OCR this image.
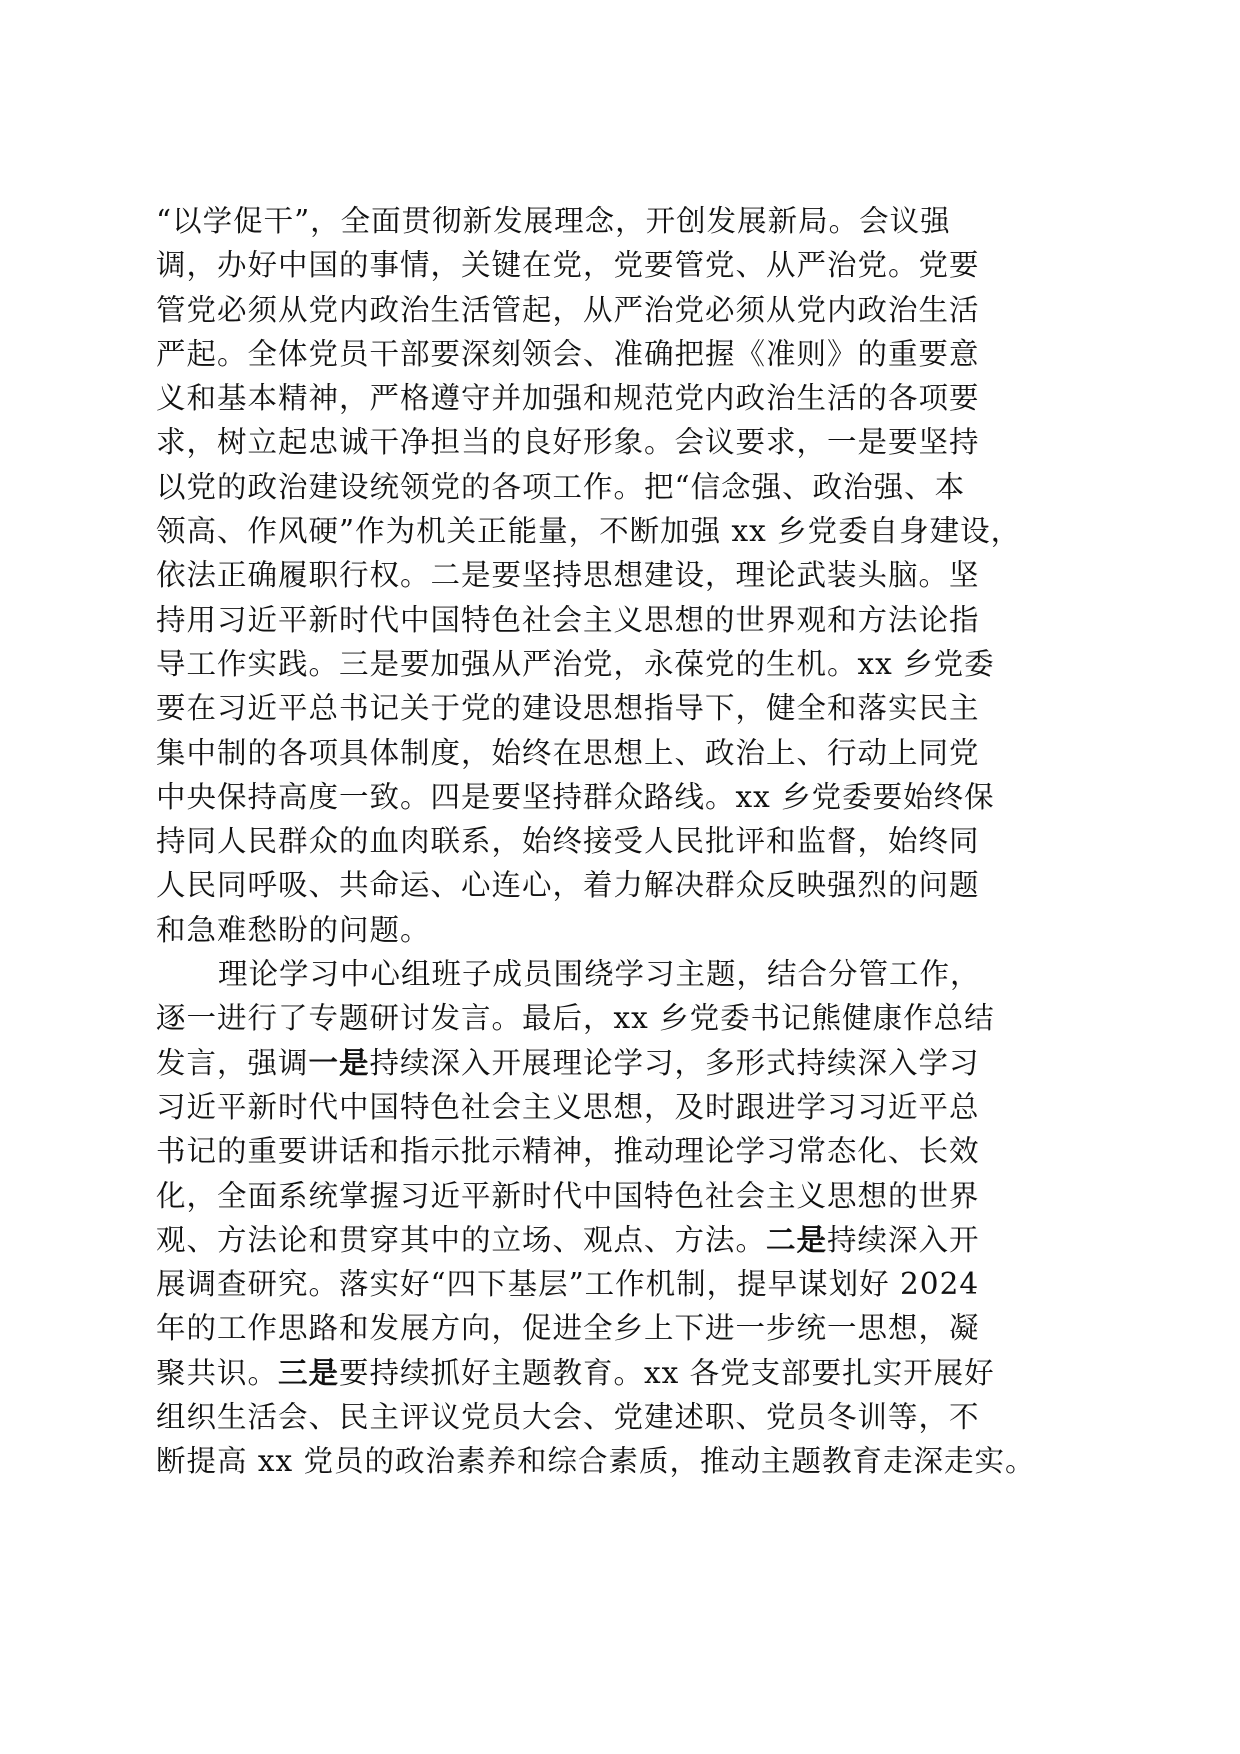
“以学促干”，全面贯彻新发展理念，开创发展新局。会议强
调，办好中国的事情，关键在党，党要管党、从严治党。党要
管党必须从党内政治生活管起，从严治党必须从党内政治生活
严起。全体党员干部要深刻领会、准确把握《准则》的重要意
义和基本精神，严格遵守并加强和规范党内政治生活的各项要
求，树立起忠诚干净担当的良好形象。会议要求，一是要坚持
以党的政治建设统领党的各项工作。把“信念强、政治强、本
领高、作风硬”作为机关正能量，不断加强 xx 乡党委自身建设，
依法正确履职行权。二是要坚持思想建设，理论武装头脑。坚
持用习近平新时代中国特色社会主义思想的世界观和方法论指
导工作实践。三是要加强从严治党，永葆党的生机。xx 乡党委
要在习近平总书记关于党的建设思想指导下，健全和落实民主
集中制的各项具体制度，始终在思想上、政治上、行动上同党
中央保持高度一致。四是要坚持群众路线。xx 乡党委要始终保
持同人民群众的血肉联系，始终接受人民批评和监督，始终同
人民同呼吸、共命运、心连心，着力解决群众反映强烈的问题
和急难愁盼的问题。
理论学习中心组班子成员围绕学习主题，结合分管工作，
逐一进行了专题研讨发言。最后，xx 乡党委书记熊健康作总结
发言，强调一是持续深入开展理论学习，多形式持续深入学习
习近平新时代中国特色社会主义思想，及时跟进学习习近平总
书记的重要讲话和指示批示精神，推动理论学习常态化、长效
化，全面系统掌握习近平新时代中国特色社会主义思想的世界
观、方法论和贯穿其中的立场、观点、方法。二是持续深入开
展调查研究。落实好“四下基层”工作机制，提早谋划好 2024
年的工作思路和发展方向，促进全乡上下进一步统一思想，凝
聚共识。三是要持续抓好主题教育。xx 各党支部要扎实开展好
组织生活会、民主评议党员大会、党建述职、党员冬训等，不
断提高 xx 党员的政治素养和综合素质，推动主题教育走深走实。
